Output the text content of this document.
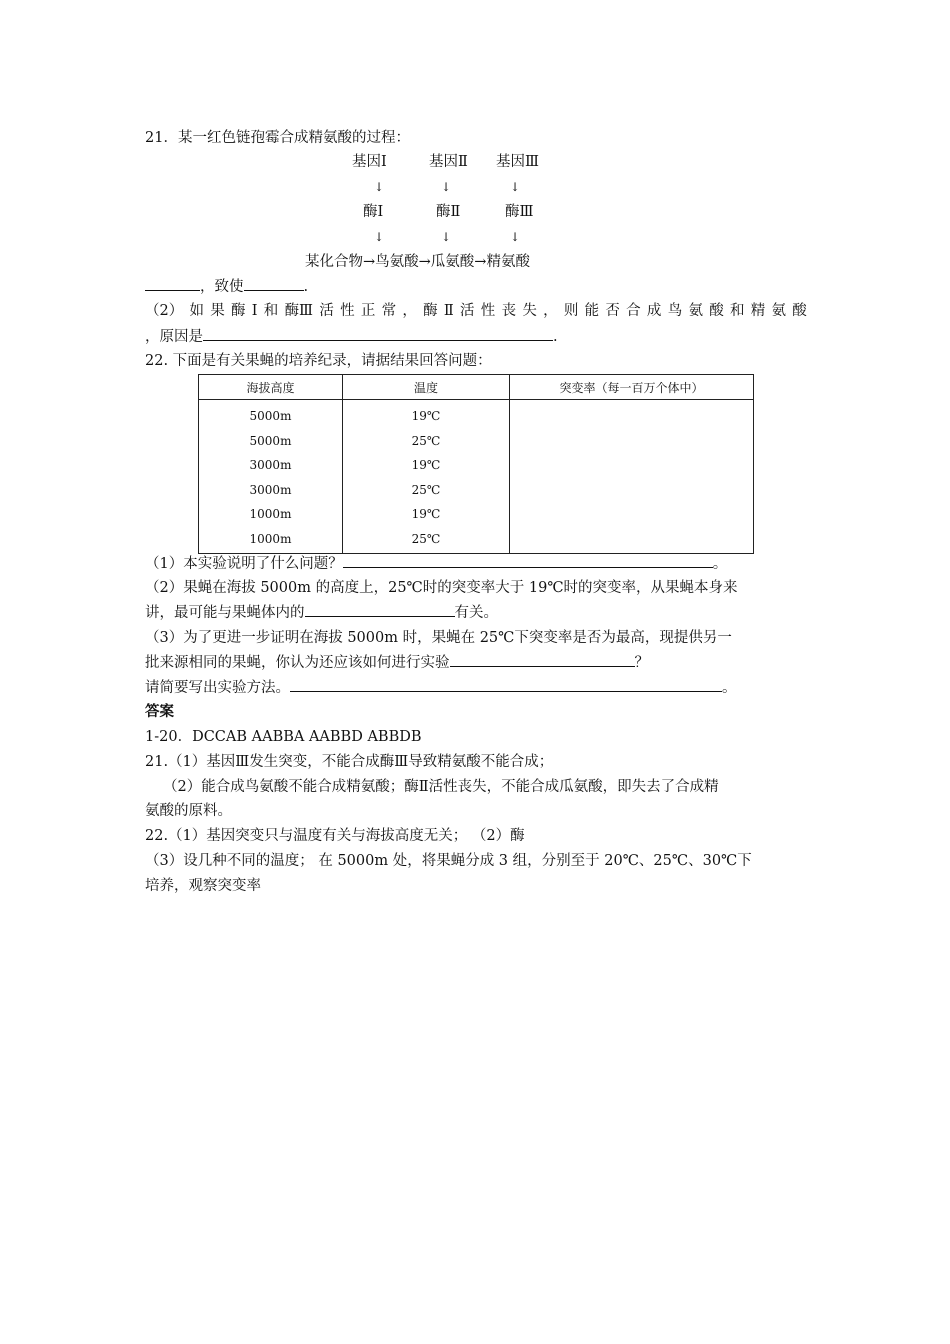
21．某一红色链孢霉合成精氨酸的过程：
基因Ⅰ	基因Ⅱ 基因Ⅲ
↓	↓	↓
酶Ⅰ	酶Ⅱ	酶Ⅲ
↓	↓	↓
某化合物→鸟氨酸→瓜氨酸→精氨酸
，致使	.
（2） 如 果 酶 Ⅰ 和 酶Ⅲ 活 性 正 常 ， 酶 Ⅱ 活 性 丧 失 ， 则 能 否 合 成 鸟 氨 酸 和 精 氨 酸
，原因是	.
22. 下面是有关果蝇的培养纪录，请据结果回答问题：
海拔高度	温度	突变率（每一百万个体中）
5000m	19℃	
5000m	25℃	
3000m	19℃	
3000m	25℃	
1000m	19℃	
1000m	25℃	
（1）本实验说明了什么问题？	。
（2）果蝇在海拔 5000m 的高度上，25℃时的突变率大于 19℃时的突变率，从果蝇本身来
讲，最可能与果蝇体内的	有关。
（3）为了更进一步证明在海拔 5000m 时，果蝇在 25℃下突变率是否为最高，现提供另一
批来源相同的果蝇，你认为还应该如何进行实验	？
请简要写出实验方法。	。
答案
1-20．DCCAB AABBA AABBD ABBDB
21.（1）基因Ⅲ发生突变，不能合成酶Ⅲ导致精氨酸不能合成；
（2）能合成鸟氨酸不能合成精氨酸；酶Ⅱ活性丧失，不能合成瓜氨酸，即失去了合成精
氨酸的原料。
22.（1）基因突变只与温度有关与海拔高度无关； （2）酶
（3）设几种不同的温度； 在 5000m 处，将果蝇分成 3 组，分别至于 20℃、25℃、30℃下
培养，观察突变率
